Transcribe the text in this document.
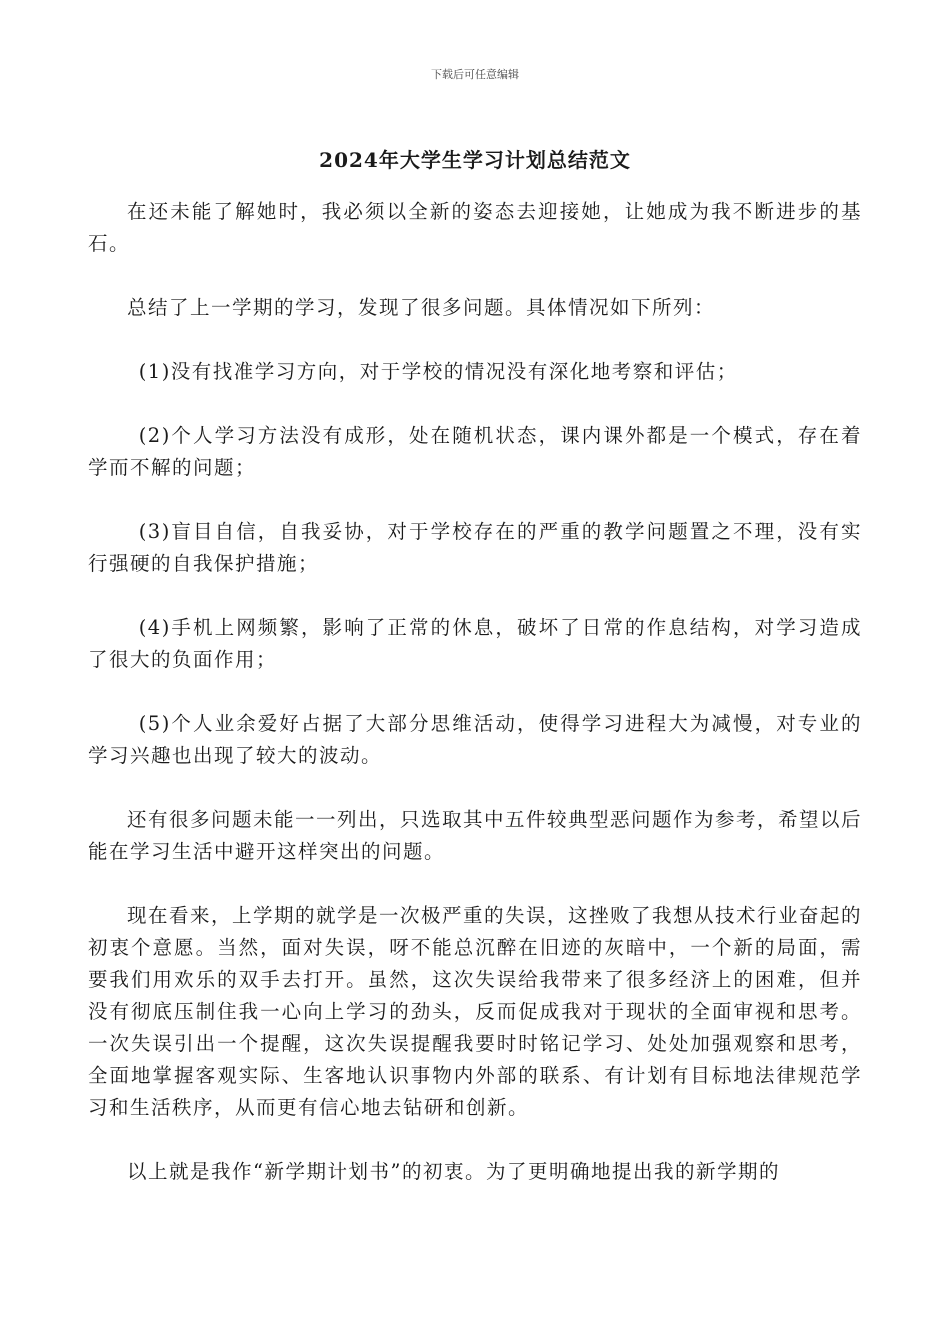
下载后可任意编辑
2024年大学生学习计划总结范文

在还未能了解她时，我必须以全新的姿态去迎接她，让她成为我不断进步的基石。

总结了上一学期的学习，发现了很多问题。具体情况如下所列：

(1)没有找准学习方向，对于学校的情况没有深化地考察和评估；

(2)个人学习方法没有成形，处在随机状态，课内课外都是一个模式，存在着学而不解的问题；

(3)盲目自信，自我妥协，对于学校存在的严重的教学问题置之不理，没有实行强硬的自我保护措施；

(4)手机上网频繁，影响了正常的休息，破坏了日常的作息结构，对学习造成了很大的负面作用；

(5)个人业余爱好占据了大部分思维活动，使得学习进程大为减慢，对专业的学习兴趣也出现了较大的波动。

还有很多问题未能一一列出，只选取其中五件较典型恶问题作为参考，希望以后能在学习生活中避开这样突出的问题。

现在看来，上学期的就学是一次极严重的失误，这挫败了我想从技术行业奋起的初衷个意愿。当然，面对失误，呀不能总沉醉在旧迹的灰暗中，一个新的局面，需要我们用欢乐的双手去打开。虽然，这次失误给我带来了很多经济上的困难，但并没有彻底压制住我一心向上学习的劲头，反而促成我对于现状的全面审视和思考。一次失误引出一个提醒，这次失误提醒我要时时铭记学习、处处加强观察和思考，全面地掌握客观实际、生客地认识事物内外部的联系、有计划有目标地法律规范学习和生活秩序，从而更有信心地去钻研和创新。

以上就是我作“新学期计划书”的初衷。为了更明确地提出我的新学期的
